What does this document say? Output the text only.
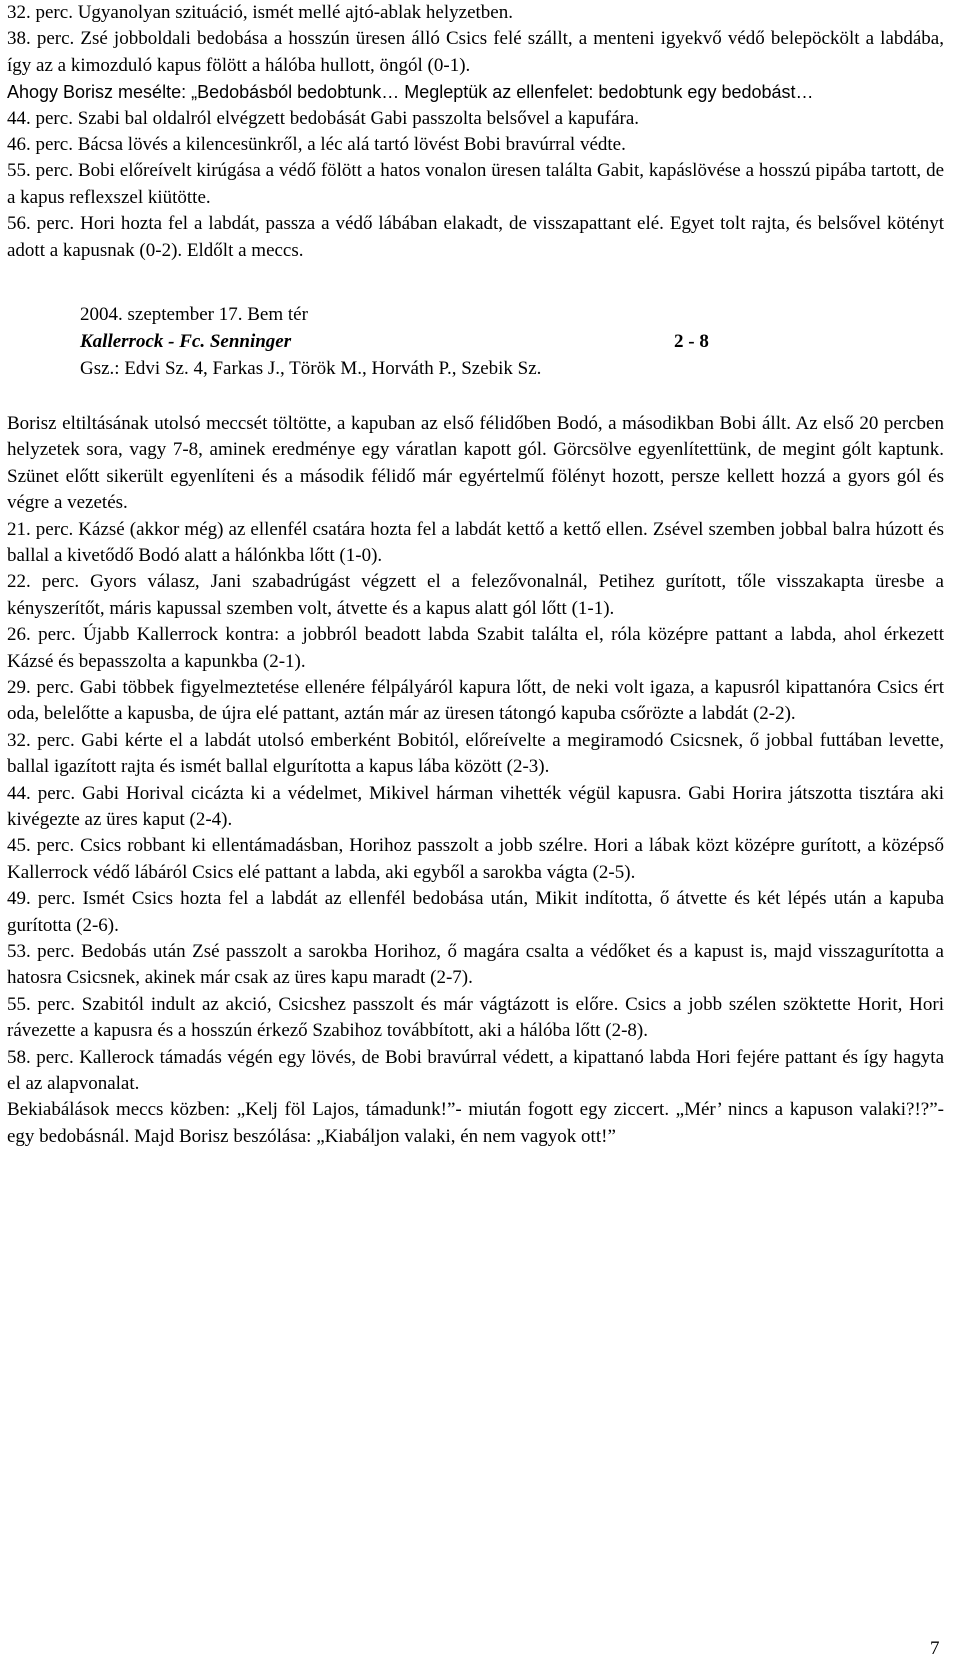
32. perc. Ugyanolyan szituáció, ismét mellé ajtó-ablak helyzetben.

38. perc. Zsé jobboldali bedobása a hosszún üresen álló Csics felé szállt, a menteni igyekvő védő belepöckölt a labdába, így az a kimozduló kapus fölött a hálóba hullott, öngól (0-1).

Ahogy Borisz mesélte: „Bedobásból bedobtunk… Megleptük az ellenfelet: bedobtunk egy bedobást…

44. perc. Szabi bal oldalról elvégzett bedobását Gabi passzolta belsővel a kapufára.

46. perc. Bácsa lövés a kilencesünkről, a léc alá tartó lövést Bobi bravúrral védte.

55. perc. Bobi előreívelt kirúgása a védő fölött a hatos vonalon üresen találta Gabit, kapáslövése a hosszú pipába tartott, de a kapus reflexszel kiütötte.

56. perc. Hori hozta fel a labdát, passza a védő lábában elakadt, de visszapattant elé. Egyet tolt rajta, és belsővel kötényt adott a kapusnak (0-2). Eldőlt a meccs.

2004. szeptember 17. Bem tér
Kallerrock - Fc. Senninger	2 - 8
Gsz.: Edvi Sz. 4, Farkas J., Török M., Horváth P., Szebik Sz.

Borisz eltiltásának utolsó meccsét töltötte, a kapuban az első félidőben Bodó, a másodikban Bobi állt. Az első 20 percben helyzetek sora, vagy 7-8, aminek eredménye egy váratlan kapott gól. Görcsölve egyenlítettünk, de megint gólt kaptunk. Szünet előtt sikerült egyenlíteni és a második félidő már egyértelmű fölényt hozott, persze kellett hozzá a gyors gól és végre a vezetés.

21. perc. Kázsé (akkor még) az ellenfél csatára hozta fel a labdát kettő a kettő ellen. Zsével szemben jobbal balra húzott és ballal a kivetődő Bodó alatt a hálónkba lőtt (1-0).

22. perc. Gyors válasz, Jani szabadrúgást végzett el a felezővonalnál, Petihez gurított, tőle visszakapta üresbe a kényszerítőt, máris kapussal szemben volt, átvette és a kapus alatt gól lőtt (1-1).

26. perc. Újabb Kallerrock kontra: a jobbról beadott labda Szabit találta el, róla középre pattant a labda, ahol érkezett Kázsé és bepasszolta a kapunkba (2-1).

29. perc. Gabi többek figyelmeztetése ellenére félpályáról kapura lőtt, de neki volt igaza, a kapusról kipattanóra Csics ért oda, belelőtte a kapusba, de újra elé pattant, aztán már az üresen tátongó kapuba csőrözte a labdát (2-2).

32. perc. Gabi kérte el a labdát utolsó emberként Bobitól, előreívelte a megiramodó Csicsnek, ő jobbal futtában levette, ballal igazított rajta és ismét ballal elgurította a kapus lába között (2-3).

44. perc. Gabi Horival cicázta ki a védelmet, Mikivel hárman vihették végül kapusra. Gabi Horira játszotta tisztára aki kivégezte az üres kaput (2-4).

45. perc. Csics robbant ki ellentámadásban, Horihoz passzolt a jobb szélre. Hori a lábak közt középre gurított, a középső Kallerrock védő lábáról Csics elé pattant a labda, aki egyből a sarokba vágta (2-5).

49. perc. Ismét Csics hozta fel a labdát az ellenfél bedobása után, Mikit indította, ő átvette és két lépés után a kapuba gurította (2-6).

53. perc. Bedobás után Zsé passzolt a sarokba Horihoz, ő magára csalta a védőket és a kapust is, majd visszagurította a hatosra Csicsnek, akinek már csak az üres kapu maradt (2-7).

55. perc. Szabitól indult az akció, Csicshez passzolt és már vágtázott is előre. Csics a jobb szélen szöktette Horit, Hori rávezette a kapusra és a hosszún érkező Szabihoz továbbított, aki a hálóba lőtt (2-8).

58. perc. Kallerock támadás végén egy lövés, de Bobi bravúrral védett, a kipattanó labda Hori fejére pattant és így hagyta el az alapvonalat.

Bekiabálások meccs közben: „Kelj föl Lajos, támadunk!”- miután fogott egy ziccert. „Mér’ nincs a kapuson valaki?!?”- egy bedobásnál. Majd Borisz beszólása: „Kiabáljon valaki, én nem vagyok ott!”

7
